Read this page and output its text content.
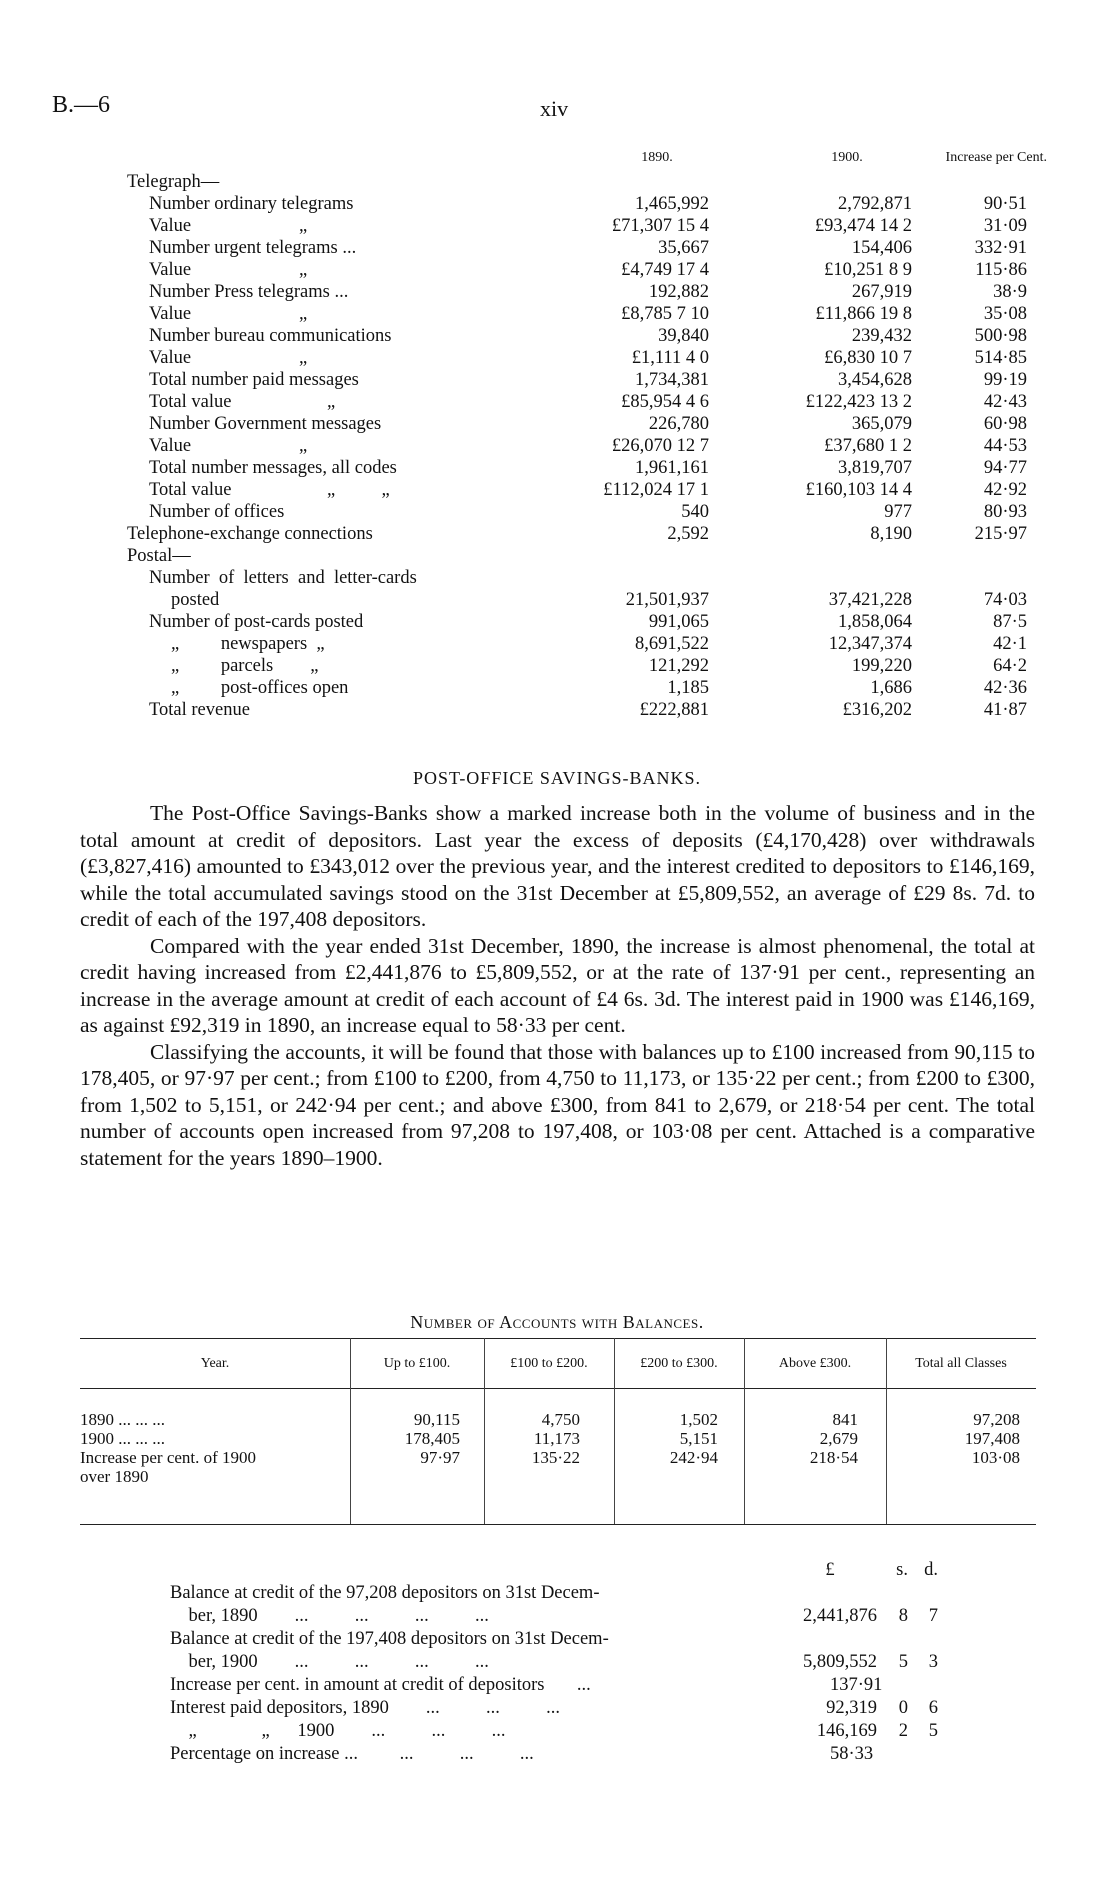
B.—6	xiv
1890.	1900.	Increase per Cent.
Telegraph—
Number ordinary telegrams	1,465,992	2,792,871	90·51
Value	„	£71,307 15 4	£93,474 14 2	31·09
Number urgent telegrams ...	35,667	154,406	332·91
Value	„	£4,749 17 4	£10,251 8 9	115·86
Number Press telegrams ...	192,882	267,919	38·9
Value	„	£8,785 7 10	£11,866 19 8	35·08
Number bureau communications	39,840	239,432	500·98
Value	„	£1,111 4 0	£6,830 10 7	514·85
Total number paid messages	1,734,381	3,454,628	99·19
Total value	„	£85,954 4 6	£122,423 13 2	42·43
Number Government messages	226,780	365,079	60·98
Value	„	£26,070 12 7	£37,680 1 2	44·53
Total number messages, all codes	1,961,161	3,819,707	94·77
Total value	„          „	£112,024 17 1	£160,103 14 4	42·92
Number of offices	540	977	80·93
Telephone-exchange connections	2,592	8,190	215·97
Postal—
Number  of  letters  and  letter-cards
posted	21,501,937	37,421,228	74·03
Number of post-cards posted	991,065	1,858,064	87·5
„         newspapers  „	8,691,522	12,347,374	42·1
„         parcels        „	121,292	199,220	64·2
„         post-offices open	1,185	1,686	42·36
Total revenue	£222,881	£316,202	41·87
POST-OFFICE SAVINGS-BANKS.

The Post-Office Savings-Banks show a marked increase both in the volume of business and in the total amount at credit of depositors. Last year the excess of deposits (£4,170,428) over withdrawals (£3,827,416) amounted to £343,012 over the previous year, and the interest credited to depositors to £146,169, while the total accumulated savings stood on the 31st December at £5,809,552, an average of £29 8s. 7d. to credit of each of the 197,408 depositors.

Compared with the year ended 31st December, 1890, the increase is almost phenomenal, the total at credit having increased from £2,441,876 to £5,809,552, or at the rate of 137·91 per cent., representing an increase in the average amount at credit of each account of £4 6s. 3d. The interest paid in 1900 was £146,169, as against £92,319 in 1890, an increase equal to 58·33 per cent.

Classifying the accounts, it will be found that those with balances up to £100 increased from 90,115 to 178,405, or 97·97 per cent.; from £100 to £200, from 4,750 to 11,173, or 135·22 per cent.; from £200 to £300, from 1,502 to 5,151, or 242·94 per cent.; and above £300, from 841 to 2,679, or 218·54 per cent. The total number of accounts open increased from 97,208 to 197,408, or 103·08 per cent. Attached is a comparative statement for the years 1890–1900.

Number of Accounts with Balances.
Year.	Up to £100.	£100 to £200.	£200 to £300.	Above £300.	Total all Classes
1890 ... ... ...	90,115	4,750	1,502	841	97,208
1900 ... ... ...	178,405	11,173	5,151	2,679	197,408
Increase per cent. of 1900	97·97	135·22	242·94	218·54	103·08
over 1890
£	s. d.
Balance at credit of the 97,208 depositors on 31st Decem-
ber, 1890        ...          ...          ...          ...	2,441,876	8	7
Balance at credit of the 197,408 depositors on 31st Decem-
ber, 1900        ...          ...          ...          ...	5,809,552	5	3
Increase per cent. in amount at credit of depositors       ...	137·91
Interest paid depositors, 1890        ...          ...          ...	92,319	0	6
„              „      1900        ...          ...          ...	146,169	2	5
Percentage on increase ...         ...          ...          ...	58·33
